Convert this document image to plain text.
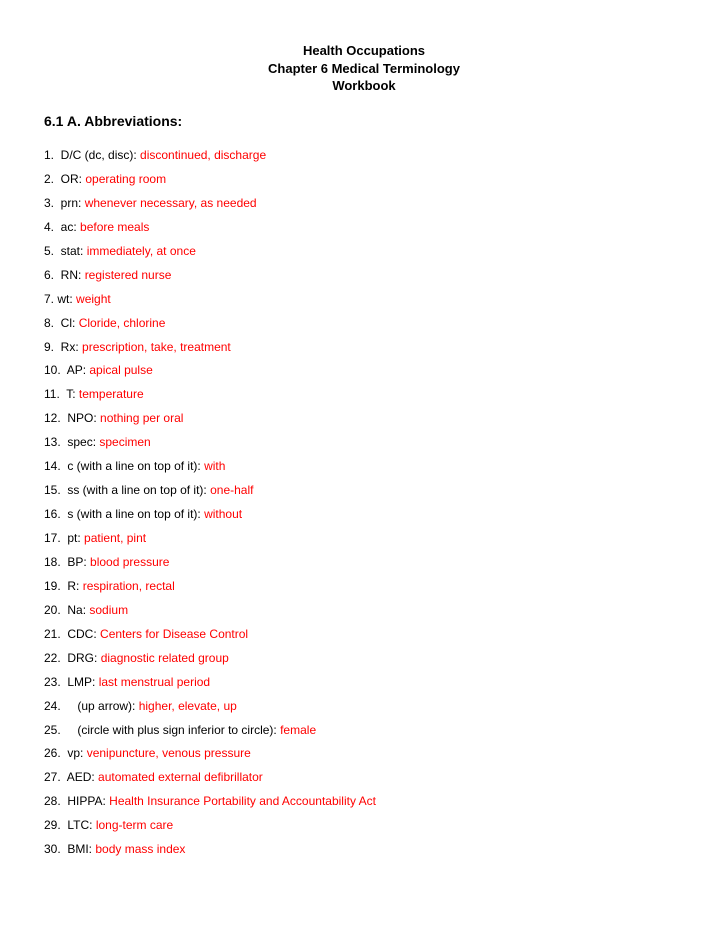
Health Occupations
Chapter 6 Medical Terminology
Workbook
6.1 A. Abbreviations:
1.  D/C (dc, disc): discontinued, discharge
2.  OR: operating room
3.  prn: whenever necessary, as needed
4.  ac: before meals
5.  stat: immediately, at once
6.  RN: registered nurse
7. wt: weight
8.  Cl: Cloride, chlorine
9.  Rx: prescription, take, treatment
10.  AP: apical pulse
11.  T: temperature
12.  NPO: nothing per oral
13.  spec: specimen
14.  c (with a line on top of it): with
15.  ss (with a line on top of it): one-half
16.  s (with a line on top of it): without
17.  pt: patient, pint
18.  BP: blood pressure
19.  R: respiration, rectal
20.  Na: sodium
21.  CDC: Centers for Disease Control
22.  DRG: diagnostic related group
23.  LMP: last menstrual period
24.     (up arrow): higher, elevate, up
25.     (circle with plus sign inferior to circle): female
26.  vp: venipuncture, venous pressure
27.  AED: automated external defibrillator
28.  HIPPA: Health Insurance Portability and Accountability Act
29.  LTC: long-term care
30.  BMI: body mass index
